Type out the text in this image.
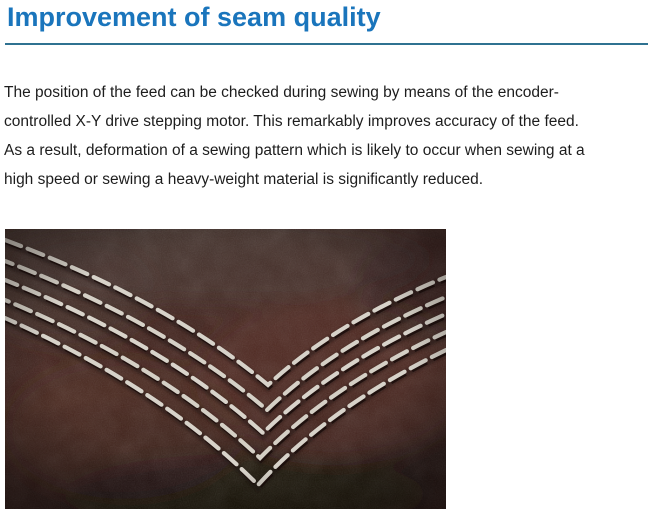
Improvement of seam quality
The position of the feed can be checked during sewing by means of the encoder-
controlled X-Y drive stepping motor. This remarkably improves accuracy of the feed.
As a result, deformation of a sewing pattern which is likely to occur when sewing at a
high speed or sewing a heavy-weight material is significantly reduced.
